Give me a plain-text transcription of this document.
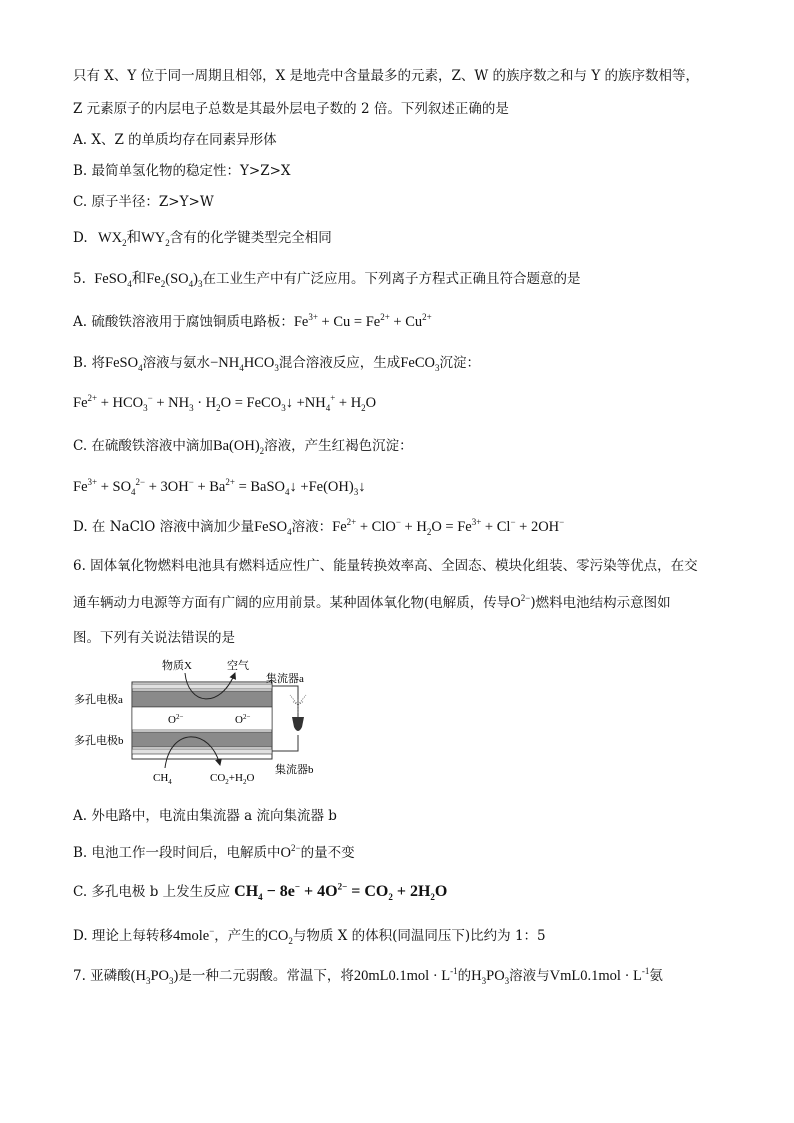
只有 X、Y 位于同一周期且相邻，X 是地壳中含量最多的元素，Z、W 的族序数之和与 Y 的族序数相等，
Z 元素原子的内层电子总数是其最外层电子数的 2 倍。下列叙述正确的是
A. X、Z 的单质均存在同素异形体
B. 最简单氢化物的稳定性：Y>Z>X
C. 原子半径：Z>Y>W
D. $WX_2$和$WY_2$含有的化学键类型完全相同
5. FeSO$_4$和$Fe_2(SO_4)_3$在工业生产中有广泛应用。下列离子方程式正确且符合题意的是
A. 硫酸铁溶液用于腐蚀铜质电路板：$Fe^{3+} + Cu = Fe^{2+} + Cu^{2+}$
B. 将FeSO$_4$溶液与氨水$-NH_4HCO_3$混合溶液反应，生成FeCO$_3$沉淀：
$Fe^{2+} + HCO_3^- + NH_3 \cdot H_2O$ = FeCO$_3$↓ $+NH_4^+ + H_2O$
C. 在硫酸铁溶液中滴加$Ba(OH)_2$溶液，产生红褐色沉淀：
$Fe^{3+} + SO_4^{2-} + 3OH^- + Ba^{2+}$ = BaSO$_4$↓ $+Fe(OH)_3↓$
D. 在 NaClO 溶液中滴加少量FeSO$_4$溶液：$Fe^{2+} + ClO^- + H_2O = Fe^{3+} + Cl^- + 2OH^-$
6. 固体氧化物燃料电池具有燃料适应性广、能量转换效率高、全固态、模块化组装、零污染等优点，在交
通车辆动力电源等方面有广阔的应用前景。某种固体氧化物(电解质，传导$O^{2-}$)燃料电池结构示意图如
图。下列有关说法错误的是
物质X	空气
集流器a
多孔电极a
$O^{2-}$	$O^{2-}$
多孔电极b
$CH_4$	$CO_2+H_2O$
集流器b
A. 外电路中，电流由集流器 a 流向集流器 b
B. 电池工作一段时间后，电解质中$O^{2-}$的量不变
C. 多孔电极 b 上发生反应 $CH_4 - 8e^- + 4O^{2-} = CO_2 + 2H_2O$
D. 理论上每转移4mole−，产生的$CO_2$与物质 X 的体积(同温同压下)比约为 1：5
7. 亚磷酸$(H_3PO_3)$是一种二元弱酸。常温下，将$20mL0.1mol \cdot L^{-1}$的$H_3PO_3$溶液与$VmL0.1mol \cdot L^{-1}$氨
